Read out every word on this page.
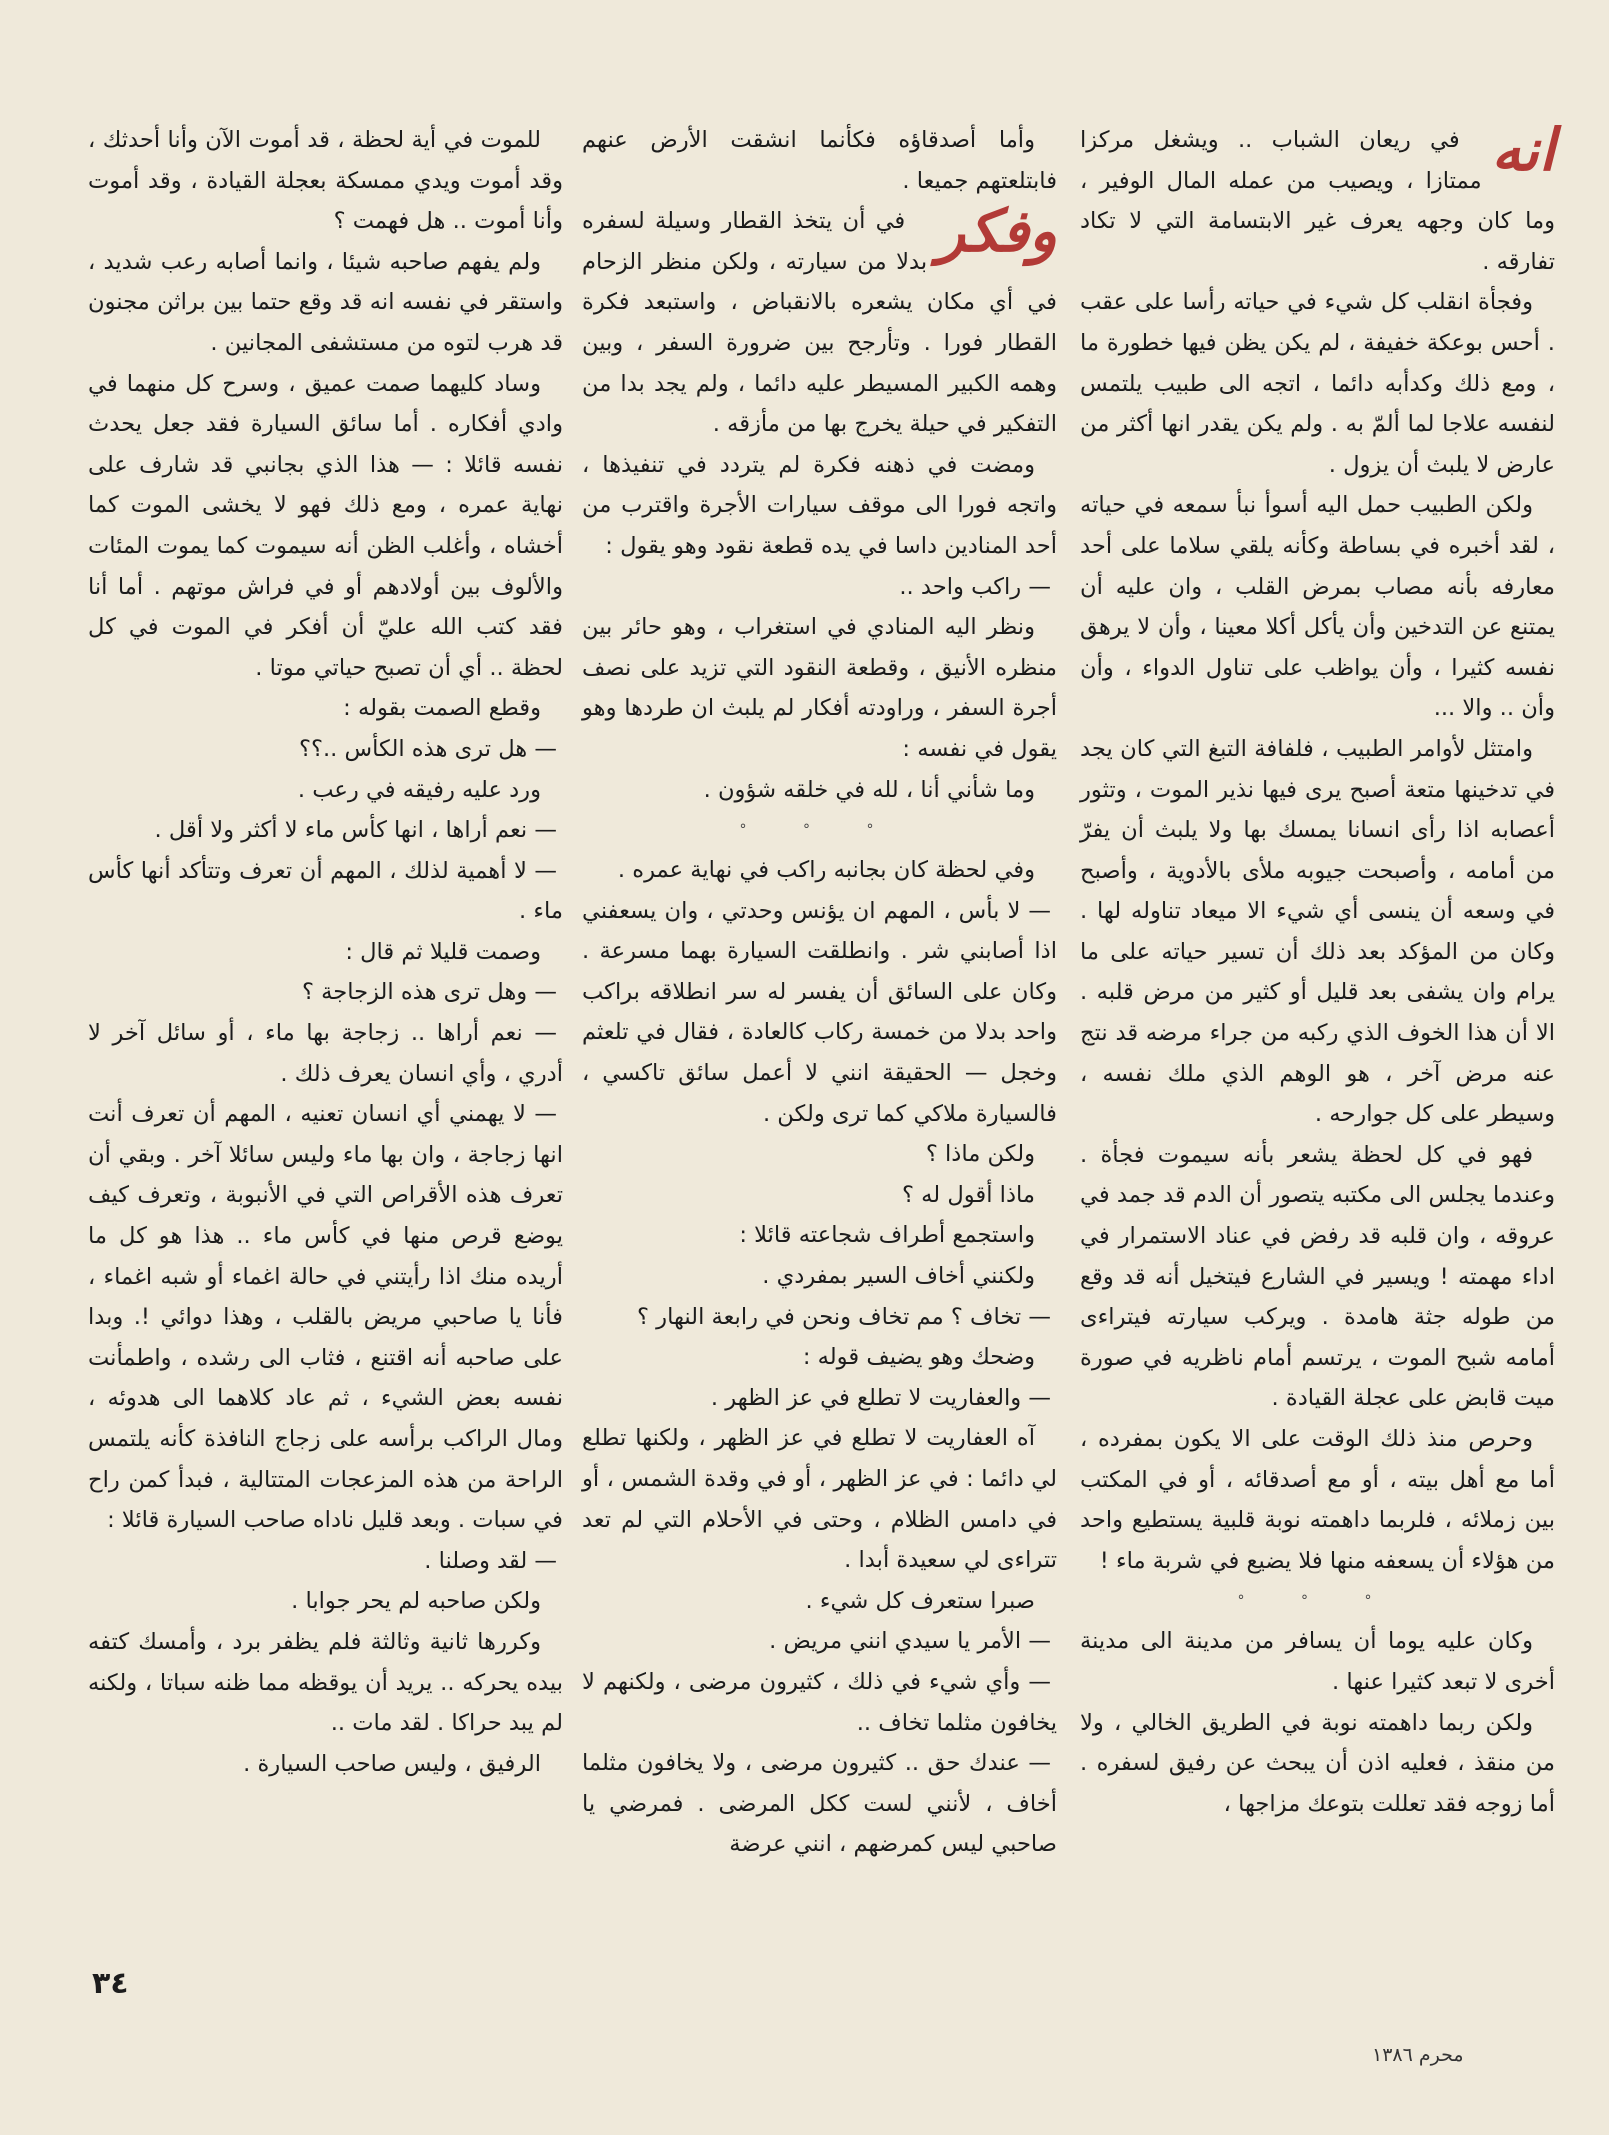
انه

في ريعان الشباب .. ويشغل مركزا ممتازا ، ويصيب من عمله المال الوفير ، وما كان وجهه يعرف غير الابتسامة التي لا تكاد تفارقه .

وفجأة انقلب كل شيء في حياته رأسا على عقب . أحس بوعكة خفيفة ، لم يكن يظن فيها خطورة ما ، ومع ذلك وكدأبه دائما ، اتجه الى طبيب يلتمس لنفسه علاجا لما ألمّ به . ولم يكن يقدر انها أكثر من عارض لا يلبث أن يزول .

ولكن الطبيب حمل اليه أسوأ نبأ سمعه في حياته ، لقد أخبره في بساطة وكأنه يلقي سلاما على أحد معارفه بأنه مصاب بمرض القلب ، وان عليه أن يمتنع عن التدخين وأن يأكل أكلا معينا ، وأن لا يرهق نفسه كثيرا ، وأن يواظب على تناول الدواء ، وأن وأن .. والا ...

وامتثل لأوامر الطبيب ، فلفافة التبغ التي كان يجد في تدخينها متعة أصبح يرى فيها نذير الموت ، وتثور أعصابه اذا رأى انسانا يمسك بها ولا يلبث أن يفرّ من أمامه ، وأصبحت جيوبه ملأى بالأدوية ، وأصبح في وسعه أن ينسى أي شيء الا ميعاد تناوله لها . وكان من المؤكد بعد ذلك أن تسير حياته على ما يرام وان يشفى بعد قليل أو كثير من مرض قلبه . الا أن هذا الخوف الذي ركبه من جراء مرضه قد نتج عنه مرض آخر ، هو الوهم الذي ملك نفسه ، وسيطر على كل جوارحه .

فهو في كل لحظة يشعر بأنه سيموت فجأة . وعندما يجلس الى مكتبه يتصور أن الدم قد جمد في عروقه ، وان قلبه قد رفض في عناد الاستمرار في اداء مهمته ! ويسير في الشارع فيتخيل أنه قد وقع من طوله جثة هامدة . ويركب سيارته فيتراءى أمامه شبح الموت ، يرتسم أمام ناظريه في صورة ميت قابض على عجلة القيادة .

وحرص منذ ذلك الوقت على الا يكون بمفرده ، أما مع أهل بيته ، أو مع أصدقائه ، أو في المكتب بين زملائه ، فلربما داهمته نوبة قلبية يستطيع واحد من هؤلاء أن يسعفه منها فلا يضيع في شربة ماء !

° ° °

وكان عليه يوما أن يسافر من مدينة الى مدينة أخرى لا تبعد كثيرا عنها .

ولكن ربما داهمته نوبة في الطريق الخالي ، ولا من منقذ ، فعليه اذن أن يبحث عن رفيق لسفره . أما زوجه فقد تعللت بتوعك مزاجها ،

وأما أصدقاؤه فكأنما انشقت الأرض عنهم فابتلعتهم جميعا .

وفكر

في أن يتخذ القطار وسيلة لسفره بدلا من سيارته ، ولكن منظر الزحام في أي مكان يشعره بالانقباض ، واستبعد فكرة القطار فورا . وتأرجح بين ضرورة السفر ، وبين وهمه الكبير المسيطر عليه دائما ، ولم يجد بدا من التفكير في حيلة يخرج بها من مأزقه .

ومضت في ذهنه فكرة لم يتردد في تنفيذها ، واتجه فورا الى موقف سيارات الأجرة واقترب من أحد المنادين داسا في يده قطعة نقود وهو يقول :

— راكب واحد ..

ونظر اليه المنادي في استغراب ، وهو حائر بين منظره الأنيق ، وقطعة النقود التي تزيد على نصف أجرة السفر ، وراودته أفكار لم يلبث ان طردها وهو يقول في نفسه :

وما شأني أنا ، لله في خلقه شؤون .

° ° °

وفي لحظة كان بجانبه راكب في نهاية عمره .

— لا بأس ، المهم ان يؤنس وحدتي ، وان يسعفني اذا أصابني شر . وانطلقت السيارة بهما مسرعة . وكان على السائق أن يفسر له سر انطلاقه براكب واحد بدلا من خمسة ركاب كالعادة ، فقال في تلعثم وخجل — الحقيقة انني لا أعمل سائق تاكسي ، فالسيارة ملاكي كما ترى ولكن .

ولكن ماذا ؟

ماذا أقول له ؟

واستجمع أطراف شجاعته قائلا :

ولكنني أخاف السير بمفردي .

— تخاف ؟ مم تخاف ونحن في رابعة النهار ؟

وضحك وهو يضيف قوله :

— والعفاريت لا تطلع في عز الظهر .

آه العفاريت لا تطلع في عز الظهر ، ولكنها تطلع لي دائما : في عز الظهر ، أو في وقدة الشمس ، أو في دامس الظلام ، وحتى في الأحلام التي لم تعد تتراءى لي سعيدة أبدا .

صبرا ستعرف كل شيء .

— الأمر يا سيدي انني مريض .

— وأي شيء في ذلك ، كثيرون مرضى ، ولكنهم لا يخافون مثلما تخاف ..

— عندك حق .. كثيرون مرضى ، ولا يخافون مثلما أخاف ، لأنني لست ككل المرضى . فمرضي يا صاحبي ليس كمرضهم ، انني عرضة

للموت في أية لحظة ، قد أموت الآن وأنا أحدثك ، وقد أموت ويدي ممسكة بعجلة القيادة ، وقد أموت وأنا أموت .. هل فهمت ؟

ولم يفهم صاحبه شيئا ، وانما أصابه رعب شديد ، واستقر في نفسه انه قد وقع حتما بين براثن مجنون قد هرب لتوه من مستشفى المجانين .

وساد كليهما صمت عميق ، وسرح كل منهما في وادي أفكاره . أما سائق السيارة فقد جعل يحدث نفسه قائلا : — هذا الذي بجانبي قد شارف على نهاية عمره ، ومع ذلك فهو لا يخشى الموت كما أخشاه ، وأغلب الظن أنه سيموت كما يموت المئات والألوف بين أولادهم أو في فراش موتهم . أما أنا فقد كتب الله عليّ أن أفكر في الموت في كل لحظة .. أي أن تصبح حياتي موتا .

وقطع الصمت بقوله :

— هل ترى هذه الكأس ..؟؟

ورد عليه رفيقه في رعب .

— نعم أراها ، انها كأس ماء لا أكثر ولا أقل .

— لا أهمية لذلك ، المهم أن تعرف وتتأكد أنها كأس ماء .

وصمت قليلا ثم قال :

— وهل ترى هذه الزجاجة ؟

— نعم أراها .. زجاجة بها ماء ، أو سائل آخر لا أدري ، وأي انسان يعرف ذلك .

— لا يهمني أي انسان تعنيه ، المهم أن تعرف أنت انها زجاجة ، وان بها ماء وليس سائلا آخر . وبقي أن تعرف هذه الأقراص التي في الأنبوبة ، وتعرف كيف يوضع قرص منها في كأس ماء .. هذا هو كل ما أريده منك اذا رأيتني في حالة اغماء أو شبه اغماء ، فأنا يا صاحبي مريض بالقلب ، وهذا دوائي !. وبدا على صاحبه أنه اقتنع ، فثاب الى رشده ، واطمأنت نفسه بعض الشيء ، ثم عاد كلاهما الى هدوئه ، ومال الراكب برأسه على زجاج النافذة كأنه يلتمس الراحة من هذه المزعجات المتتالية ، فبدأ كمن راح في سبات . وبعد قليل ناداه صاحب السيارة قائلا :

— لقد وصلنا .

ولكن صاحبه لم يحر جوابا .

وكررها ثانية وثالثة فلم يظفر برد ، وأمسك كتفه بيده يحركه .. يريد أن يوقظه مما ظنه سباتا ، ولكنه لم يبد حراكا . لقد مات ..

الرفيق ، وليس صاحب السيارة .

٣٤
محرم ١٣٨٦
